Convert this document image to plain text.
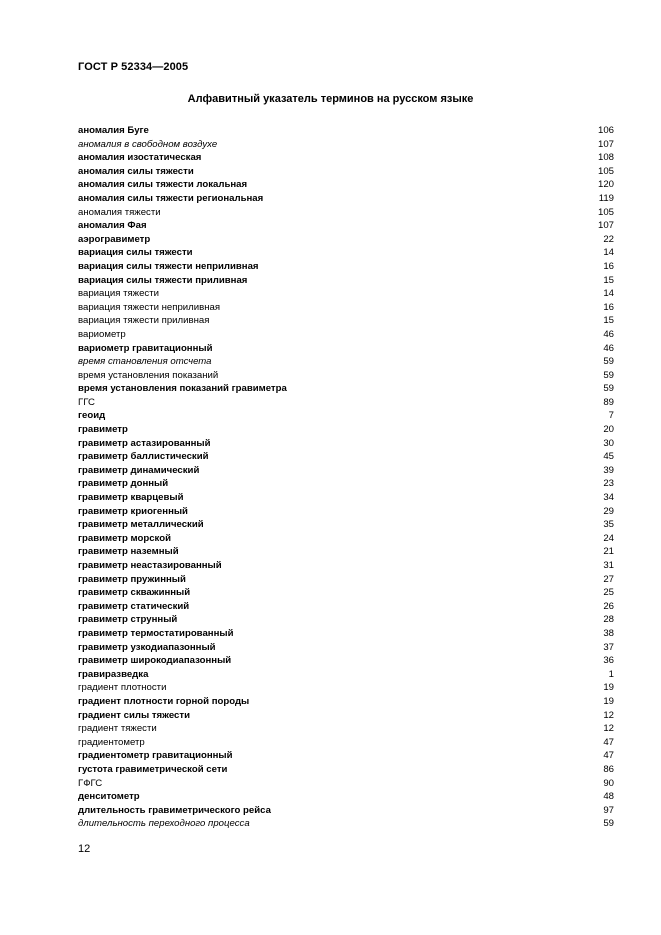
ГОСТ Р 52334—2005
Алфавитный указатель терминов на русском языке
аномалия Буге	106
аномалия в свободном воздухе	107
аномалия изостатическая	108
аномалия силы тяжести	105
аномалия силы тяжести локальная	120
аномалия силы тяжести региональная	119
аномалия тяжести	105
аномалия Фая	107
аэрогравиметр	22
вариация силы тяжести	14
вариация силы тяжести неприливная	16
вариация силы тяжести приливная	15
вариация тяжести	14
вариация тяжести неприливная	16
вариация тяжести приливная	15
вариометр	46
вариометр гравитационный	46
время становления отсчета	59
время установления показаний	59
время установления показаний гравиметра	59
ГГС	89
геоид	7
гравиметр	20
гравиметр астазированный	30
гравиметр баллистический	45
гравиметр динамический	39
гравиметр донный	23
гравиметр кварцевый	34
гравиметр криогенный	29
гравиметр металлический	35
гравиметр морской	24
гравиметр наземный	21
гравиметр неастазированный	31
гравиметр пружинный	27
гравиметр скважинный	25
гравиметр статический	26
гравиметр струнный	28
гравиметр термостатированный	38
гравиметр узкодиапазонный	37
гравиметр широкодиапазонный	36
гравиразведка	1
градиент плотности	19
градиент плотности горной породы	19
градиент силы тяжести	12
градиент тяжести	12
градиентометр	47
градиентометр гравитационный	47
густота гравиметрической сети	86
ГФГС	90
денситометр	48
длительность гравиметрического рейса	97
длительность переходного процесса	59
12
